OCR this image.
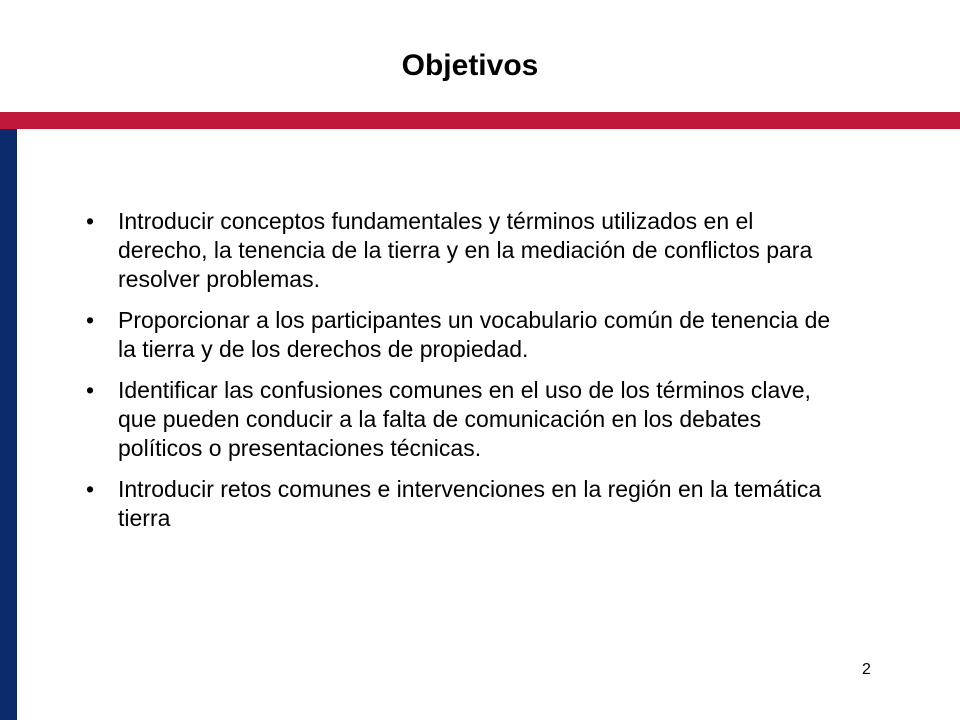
Objetivos
• Introducir conceptos fundamentales y términos utilizados en el derecho, la tenencia de la tierra y en la mediación de conflictos para resolver problemas.
• Proporcionar a los participantes un vocabulario común de tenencia de la tierra y de los derechos de propiedad.
• Identificar las confusiones comunes en el uso de los términos clave, que pueden conducir a la falta de comunicación en los debates políticos o presentaciones técnicas.
• Introducir retos comunes e intervenciones en la región en la temática tierra
2
